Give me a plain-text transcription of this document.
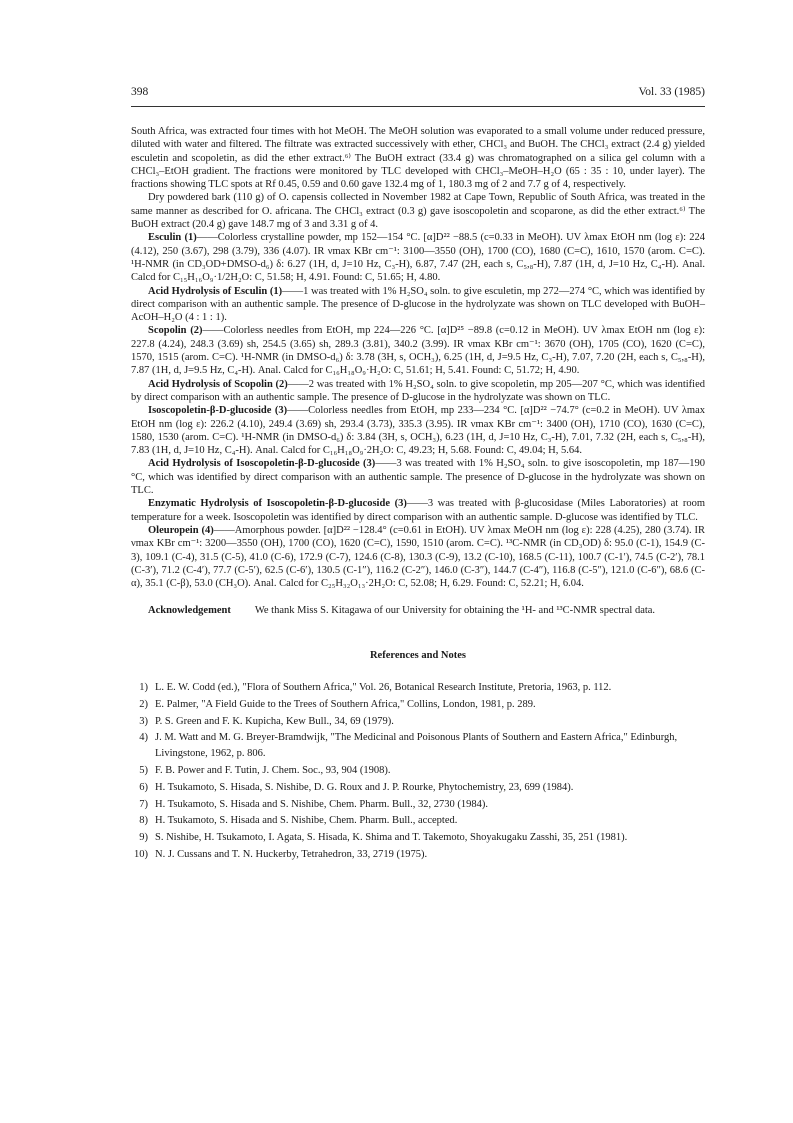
398	Vol. 33 (1985)

South Africa, was extracted four times with hot MeOH. The MeOH solution was evaporated to a small volume under reduced pressure, diluted with water and filtered. The filtrate was extracted successively with ether, CHCl₃ and BuOH. The CHCl₃ extract (2.4 g) yielded esculetin and scopoletin, as did the ether extract.⁶⁾ The BuOH extract (33.4 g) was chromatographed on a silica gel column with a CHCl₃–EtOH gradient. The fractions were monitored by TLC developed with CHCl₃–MeOH–H₂O (65 : 35 : 10, under layer). The fractions showing TLC spots at Rf 0.45, 0.59 and 0.60 gave 132.4 mg of 1, 180.3 mg of 2 and 7.7 g of 4, respectively.

Dry powdered bark (110 g) of O. capensis collected in November 1982 at Cape Town, Republic of South Africa, was treated in the same manner as described for O. africana. The CHCl₃ extract (0.3 g) gave isoscopoletin and scoparone, as did the ether extract.⁶⁾ The BuOH extract (20.4 g) gave 148.7 mg of 3 and 3.31 g of 4.

Esculin (1)——Colorless crystalline powder, mp 152—154 °C. [α]D²² −88.5 (c=0.33 in MeOH). UV λmax EtOH nm (log ε): 224 (4.12), 250 (3.67), 298 (3.79), 336 (4.07). IR νmax KBr cm⁻¹: 3100—3550 (OH), 1700 (CO), 1680 (C=C), 1610, 1570 (arom. C=C). ¹H-NMR (in CD₃OD+DMSO-d₆) δ: 6.27 (1H, d, J=10 Hz, C₃-H), 6.87, 7.47 (2H, each s, C₅,₈-H), 7.87 (1H, d, J=10 Hz, C₄-H). Anal. Calcd for C₁₅H₁₆O₉·1/2H₂O: C, 51.58; H, 4.91. Found: C, 51.65; H, 4.80.

Acid Hydrolysis of Esculin (1)——1 was treated with 1% H₂SO₄ soln. to give esculetin, mp 272—274 °C, which was identified by direct comparison with an authentic sample. The presence of D-glucose in the hydrolyzate was shown on TLC developed with BuOH–AcOH–H₂O (4 : 1 : 1).

Scopolin (2)——Colorless needles from EtOH, mp 224—226 °C. [α]D²⁵ −89.8 (c=0.12 in MeOH). UV λmax EtOH nm (log ε): 227.8 (4.24), 248.3 (3.69) sh, 254.5 (3.65) sh, 289.3 (3.81), 340.2 (3.99). IR νmax KBr cm⁻¹: 3670 (OH), 1705 (CO), 1620 (C=C), 1570, 1515 (arom. C=C). ¹H-NMR (in DMSO-d₆) δ: 3.78 (3H, s, OCH₃), 6.25 (1H, d, J=9.5 Hz, C₃-H), 7.07, 7.20 (2H, each s, C₅,₈-H), 7.87 (1H, d, J=9.5 Hz, C₄-H). Anal. Calcd for C₁₆H₁₈O₉·H₂O: C, 51.61; H, 5.41. Found: C, 51.72; H, 4.90.

Acid Hydrolysis of Scopolin (2)——2 was treated with 1% H₂SO₄ soln. to give scopoletin, mp 205—207 °C, which was identified by direct comparison with an authentic sample. The presence of D-glucose in the hydrolyzate was shown on TLC.

Isoscopoletin-β-D-glucoside (3)——Colorless needles from EtOH, mp 233—234 °C. [α]D²² −74.7° (c=0.2 in MeOH). UV λmax EtOH nm (log ε): 226.2 (4.10), 249.4 (3.69) sh, 293.4 (3.73), 335.3 (3.95). IR νmax KBr cm⁻¹: 3400 (OH), 1710 (CO), 1630 (C=C), 1580, 1530 (arom. C=C). ¹H-NMR (in DMSO-d₆) δ: 3.84 (3H, s, OCH₃), 6.23 (1H, d, J=10 Hz, C₃-H), 7.01, 7.32 (2H, each s, C₅,₈-H), 7.83 (1H, d, J=10 Hz, C₄-H). Anal. Calcd for C₁₆H₁₈O₉·2H₂O: C, 49.23; H, 5.68. Found: C, 49.04; H, 5.64.

Acid Hydrolysis of Isoscopoletin-β-D-glucoside (3)——3 was treated with 1% H₂SO₄ soln. to give isoscopoletin, mp 187—190 °C, which was identified by direct comparison with an authentic sample. The presence of D-glucose in the hydrolyzate was shown on TLC.

Enzymatic Hydrolysis of Isoscopoletin-β-D-glucoside (3)——3 was treated with β-glucosidase (Miles Laboratories) at room temperature for a week. Isoscopoletin was identified by direct comparison with an authentic sample. D-glucose was identified by TLC.

Oleuropein (4)——Amorphous powder. [α]D²² −128.4° (c=0.61 in EtOH). UV λmax MeOH nm (log ε): 228 (4.25), 280 (3.74). IR νmax KBr cm⁻¹: 3200—3550 (OH), 1700 (CO), 1620 (C=C), 1590, 1510 (arom. C=C). ¹³C-NMR (in CD₃OD) δ: 95.0 (C-1), 154.9 (C-3), 109.1 (C-4), 31.5 (C-5), 41.0 (C-6), 172.9 (C-7), 124.6 (C-8), 130.3 (C-9), 13.2 (C-10), 168.5 (C-11), 100.7 (C-1′), 74.5 (C-2′), 78.1 (C-3′), 71.2 (C-4′), 77.7 (C-5′), 62.5 (C-6′), 130.5 (C-1″), 116.2 (C-2″), 146.0 (C-3″), 144.7 (C-4″), 116.8 (C-5″), 121.0 (C-6″), 68.6 (C-α), 35.1 (C-β), 53.0 (CH₃O). Anal. Calcd for C₂₅H₃₂O₁₃·2H₂O: C, 52.08; H, 6.29. Found: C, 52.21; H, 6.04.

Acknowledgement We thank Miss S. Kitagawa of our University for obtaining the ¹H- and ¹³C-NMR spectral data.

References and Notes
1) L. E. W. Codd (ed.), "Flora of Southern Africa," Vol. 26, Botanical Research Institute, Pretoria, 1963, p. 112.
2) E. Palmer, "A Field Guide to the Trees of Southern Africa," Collins, London, 1981, p. 289.
3) P. S. Green and F. K. Kupicha, Kew Bull., 34, 69 (1979).
4) J. M. Watt and M. G. Breyer-Bramdwijk, "The Medicinal and Poisonous Plants of Southern and Eastern Africa," Edinburgh, Livingstone, 1962, p. 806.
5) F. B. Power and F. Tutin, J. Chem. Soc., 93, 904 (1908).
6) H. Tsukamoto, S. Hisada, S. Nishibe, D. G. Roux and J. P. Rourke, Phytochemistry, 23, 699 (1984).
7) H. Tsukamoto, S. Hisada and S. Nishibe, Chem. Pharm. Bull., 32, 2730 (1984).
8) H. Tsukamoto, S. Hisada and S. Nishibe, Chem. Pharm. Bull., accepted.
9) S. Nishibe, H. Tsukamoto, I. Agata, S. Hisada, K. Shima and T. Takemoto, Shoyakugaku Zasshi, 35, 251 (1981).
10) N. J. Cussans and T. N. Huckerby, Tetrahedron, 33, 2719 (1975).
